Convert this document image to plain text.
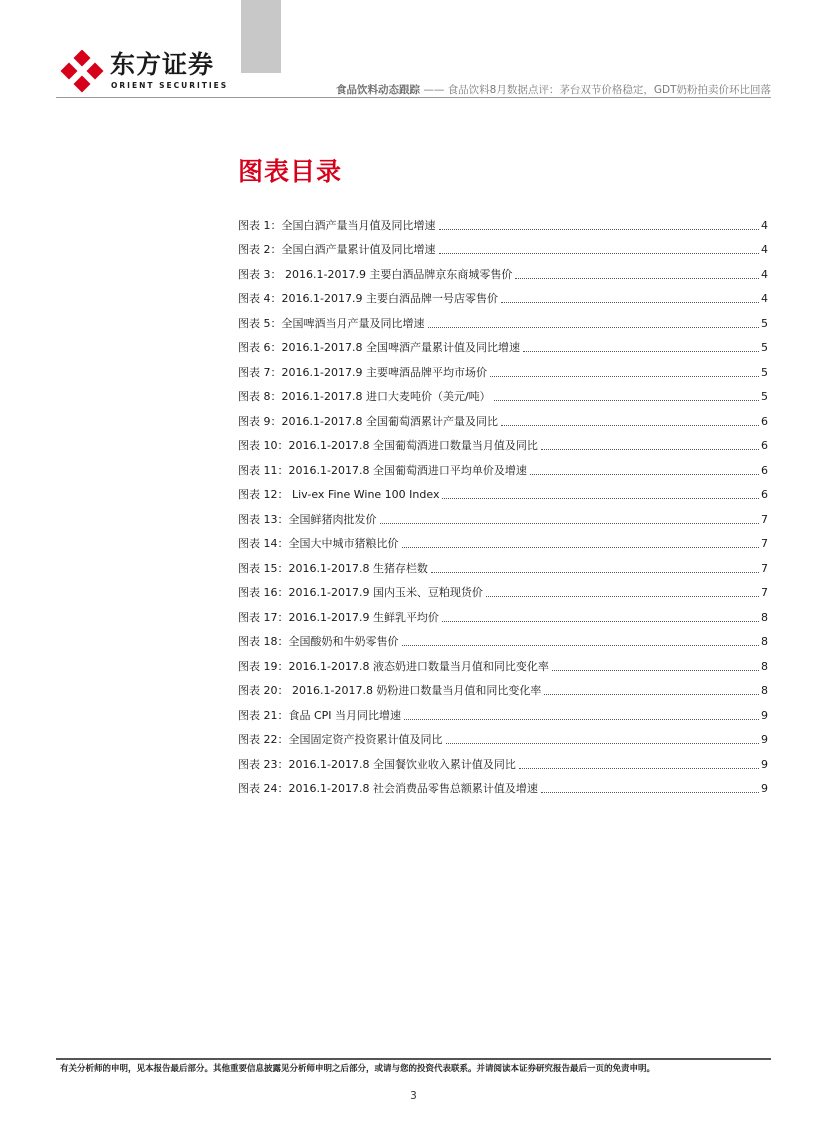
东方证券
ORIENT SECURITIES	食品饮料动态跟踪 —— 食品饮料8月数据点评：茅台双节价格稳定，GDT奶粉拍卖价环比回落
图表目录
图表 1：全国白酒产量当月值及同比增速	4
图表 2：全国白酒产量累计值及同比增速	4
图表 3： 2016.1-2017.9 主要白酒品牌京东商城零售价	4
图表 4：2016.1-2017.9 主要白酒品牌一号店零售价	4
图表 5：全国啤酒当月产量及同比增速	5
图表 6：2016.1-2017.8 全国啤酒产量累计值及同比增速	5
图表 7：2016.1-2017.9 主要啤酒品牌平均市场价	5
图表 8：2016.1-2017.8 进口大麦吨价（美元/吨）	5
图表 9：2016.1-2017.8 全国葡萄酒累计产量及同比	6
图表 10：2016.1-2017.8 全国葡萄酒进口数量当月值及同比	6
图表 11：2016.1-2017.8 全国葡萄酒进口平均单价及增速	6
图表 12： Liv-ex Fine Wine 100 Index	6
图表 13：全国鲜猪肉批发价	7
图表 14：全国大中城市猪粮比价	7
图表 15：2016.1-2017.8 生猪存栏数	7
图表 16：2016.1-2017.9 国内玉米、豆粕现货价	7
图表 17：2016.1-2017.9 生鲜乳平均价	8
图表 18：全国酸奶和牛奶零售价	8
图表 19：2016.1-2017.8 液态奶进口数量当月值和同比变化率	8
图表 20： 2016.1-2017.8 奶粉进口数量当月值和同比变化率	8
图表 21：食品 CPI 当月同比增速	9
图表 22：全国固定资产投资累计值及同比	9
图表 23：2016.1-2017.8 全国餐饮业收入累计值及同比	9
图表 24：2016.1-2017.8 社会消费品零售总额累计值及增速	9
有关分析师的申明，见本报告最后部分。其他重要信息披露见分析师申明之后部分，或请与您的投资代表联系。并请阅读本证券研究报告最后一页的免责申明。
3
